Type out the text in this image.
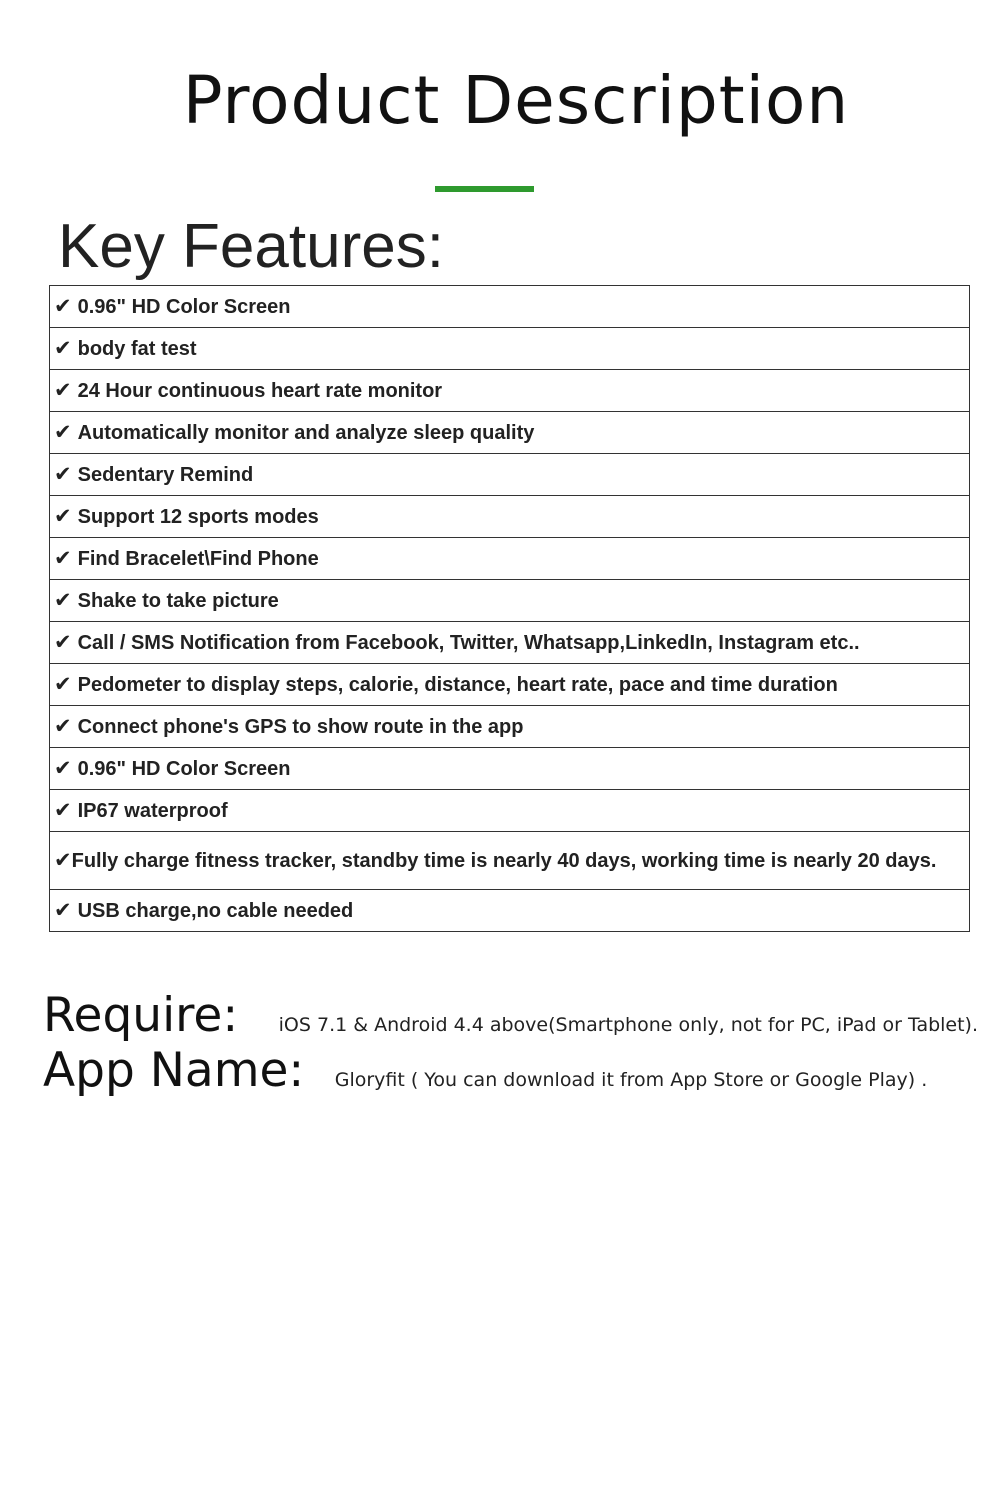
Product Description
Key Features:
✔ 0.96" HD Color Screen
✔ body fat test
✔ 24 Hour continuous heart rate monitor
✔ Automatically monitor and analyze sleep quality
✔ Sedentary Remind
✔ Support 12 sports modes
✔ Find Bracelet\Find Phone
✔ Shake to take picture
✔ Call / SMS Notification from Facebook, Twitter, Whatsapp,LinkedIn, Instagram etc..
✔ Pedometer to display steps, calorie, distance, heart rate, pace and time duration
✔ Connect phone's GPS to show route in the app
✔ 0.96" HD Color Screen
✔ IP67 waterproof
✔Fully charge fitness tracker, standby time is nearly 40 days, working time is nearly 20 days.
✔ USB charge,no cable needed
Require: iOS 7.1 & Android 4.4 above(Smartphone only, not for PC, iPad or Tablet).
App Name: Gloryfit ( You can download it from App Store or Google Play) .
